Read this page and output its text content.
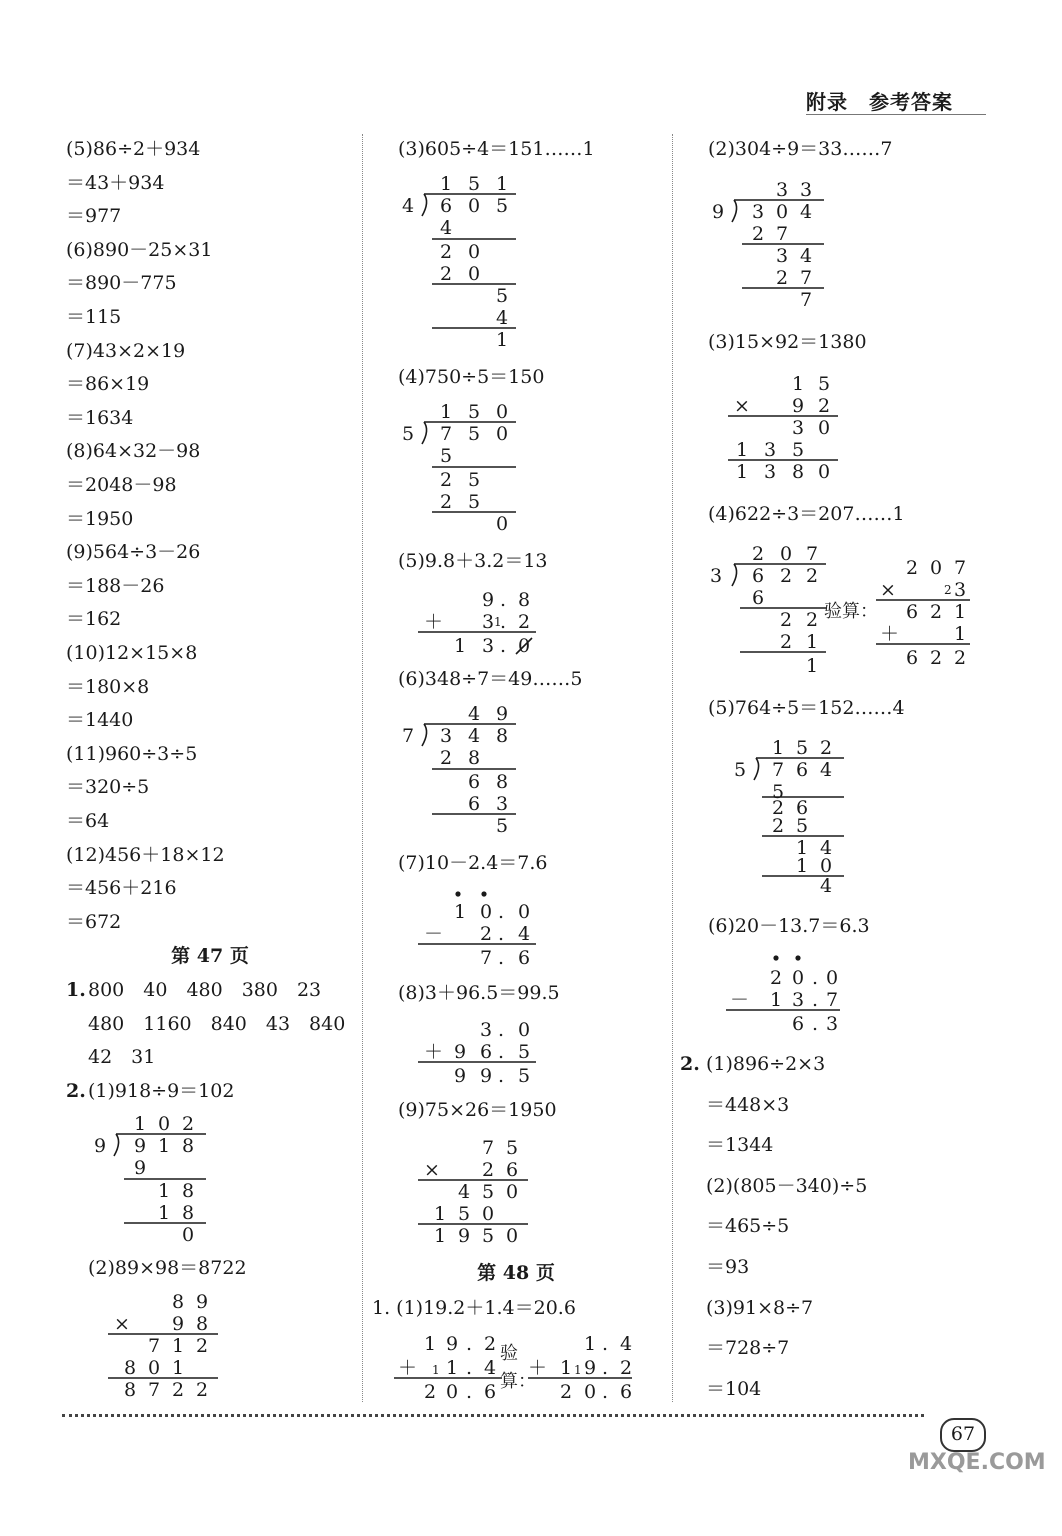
附录　参考答案
(5)86÷2＋934
＝43＋934
＝977
(6)890－25×31
＝890－775
＝115
(7)43×2×19
＝86×19
＝1634
(8)64×32－98
＝2048－98
＝1950
(9)564÷3－26
＝188－26
＝162
(10)12×15×8
＝180×8
＝1440
(11)960÷3÷5
＝320÷5
＝64
(12)456＋18×12
＝456＋216
＝672
第 47 页
1. 800　40　480　380　23
480　1160　840　43　840
42　31
2. (1)918÷9＝102
1 0 2
9 9 1 8
9
1 8
1 8
0
(2)89×98＝8722
8 9
× 9 8
7 1 2
8 0 1
8 7 2 2
(3)605÷4＝151……1
1 5 1
4 6 0 5
4
2 0
2 0
5
4
1
(4)750÷5＝150
1 5 0
5 7 5 0
5
2 5
2 5
0
(5)9.8＋3.2＝13
9 . 8
＋ 3 . 2
1
1 3 . 0
(6)348÷7＝49……5
4 9
7 3 4 8
2 8
6 8
6 3
5
(7)10－2.4＝7.6
1 0 . 0
－ 2 . 4
7 . 6
(8)3＋96.5＝99.5
3 . 0
＋ 9 6 . 5
9 9 . 5
(9)75×26＝1950
7 5
× 2 6
4 5 0
1 5 0
1 9 5 0
第 48 页
1. (1)19.2＋1.4＝20.6
1 9 . 2
＋ 1 . 4
1
2 0 . 6
验算：
1 . 4
＋ 1 9 . 2
1
2 0 . 6
(2)304÷9＝33……7
3 3
9 3 0 4
2 7
3 4
2 7
7
(3)15×92＝1380
1 5
× 9 2
3 0
1 3 5
1 3 8 0
(4)622÷3＝207……1
2 0 7
3 6 2 2
6
2 2
2 1
1
验算：
2 0 7
×	3
2
6 2 1
＋	1
6 2 2
(5)764÷5＝152……4
1 5 2
5 7 6 4
5
2 6
2 5
1 4
1 0
4
(6)20－13.7＝6.3
2 0 . 0
－ 1 3 . 7
6 . 3
2. (1)896÷2×3
＝448×3
＝1344
(2)(805－340)÷5
＝465÷5
＝93
(3)91×8÷7
＝728÷7
＝104
67
MXQE.COM
